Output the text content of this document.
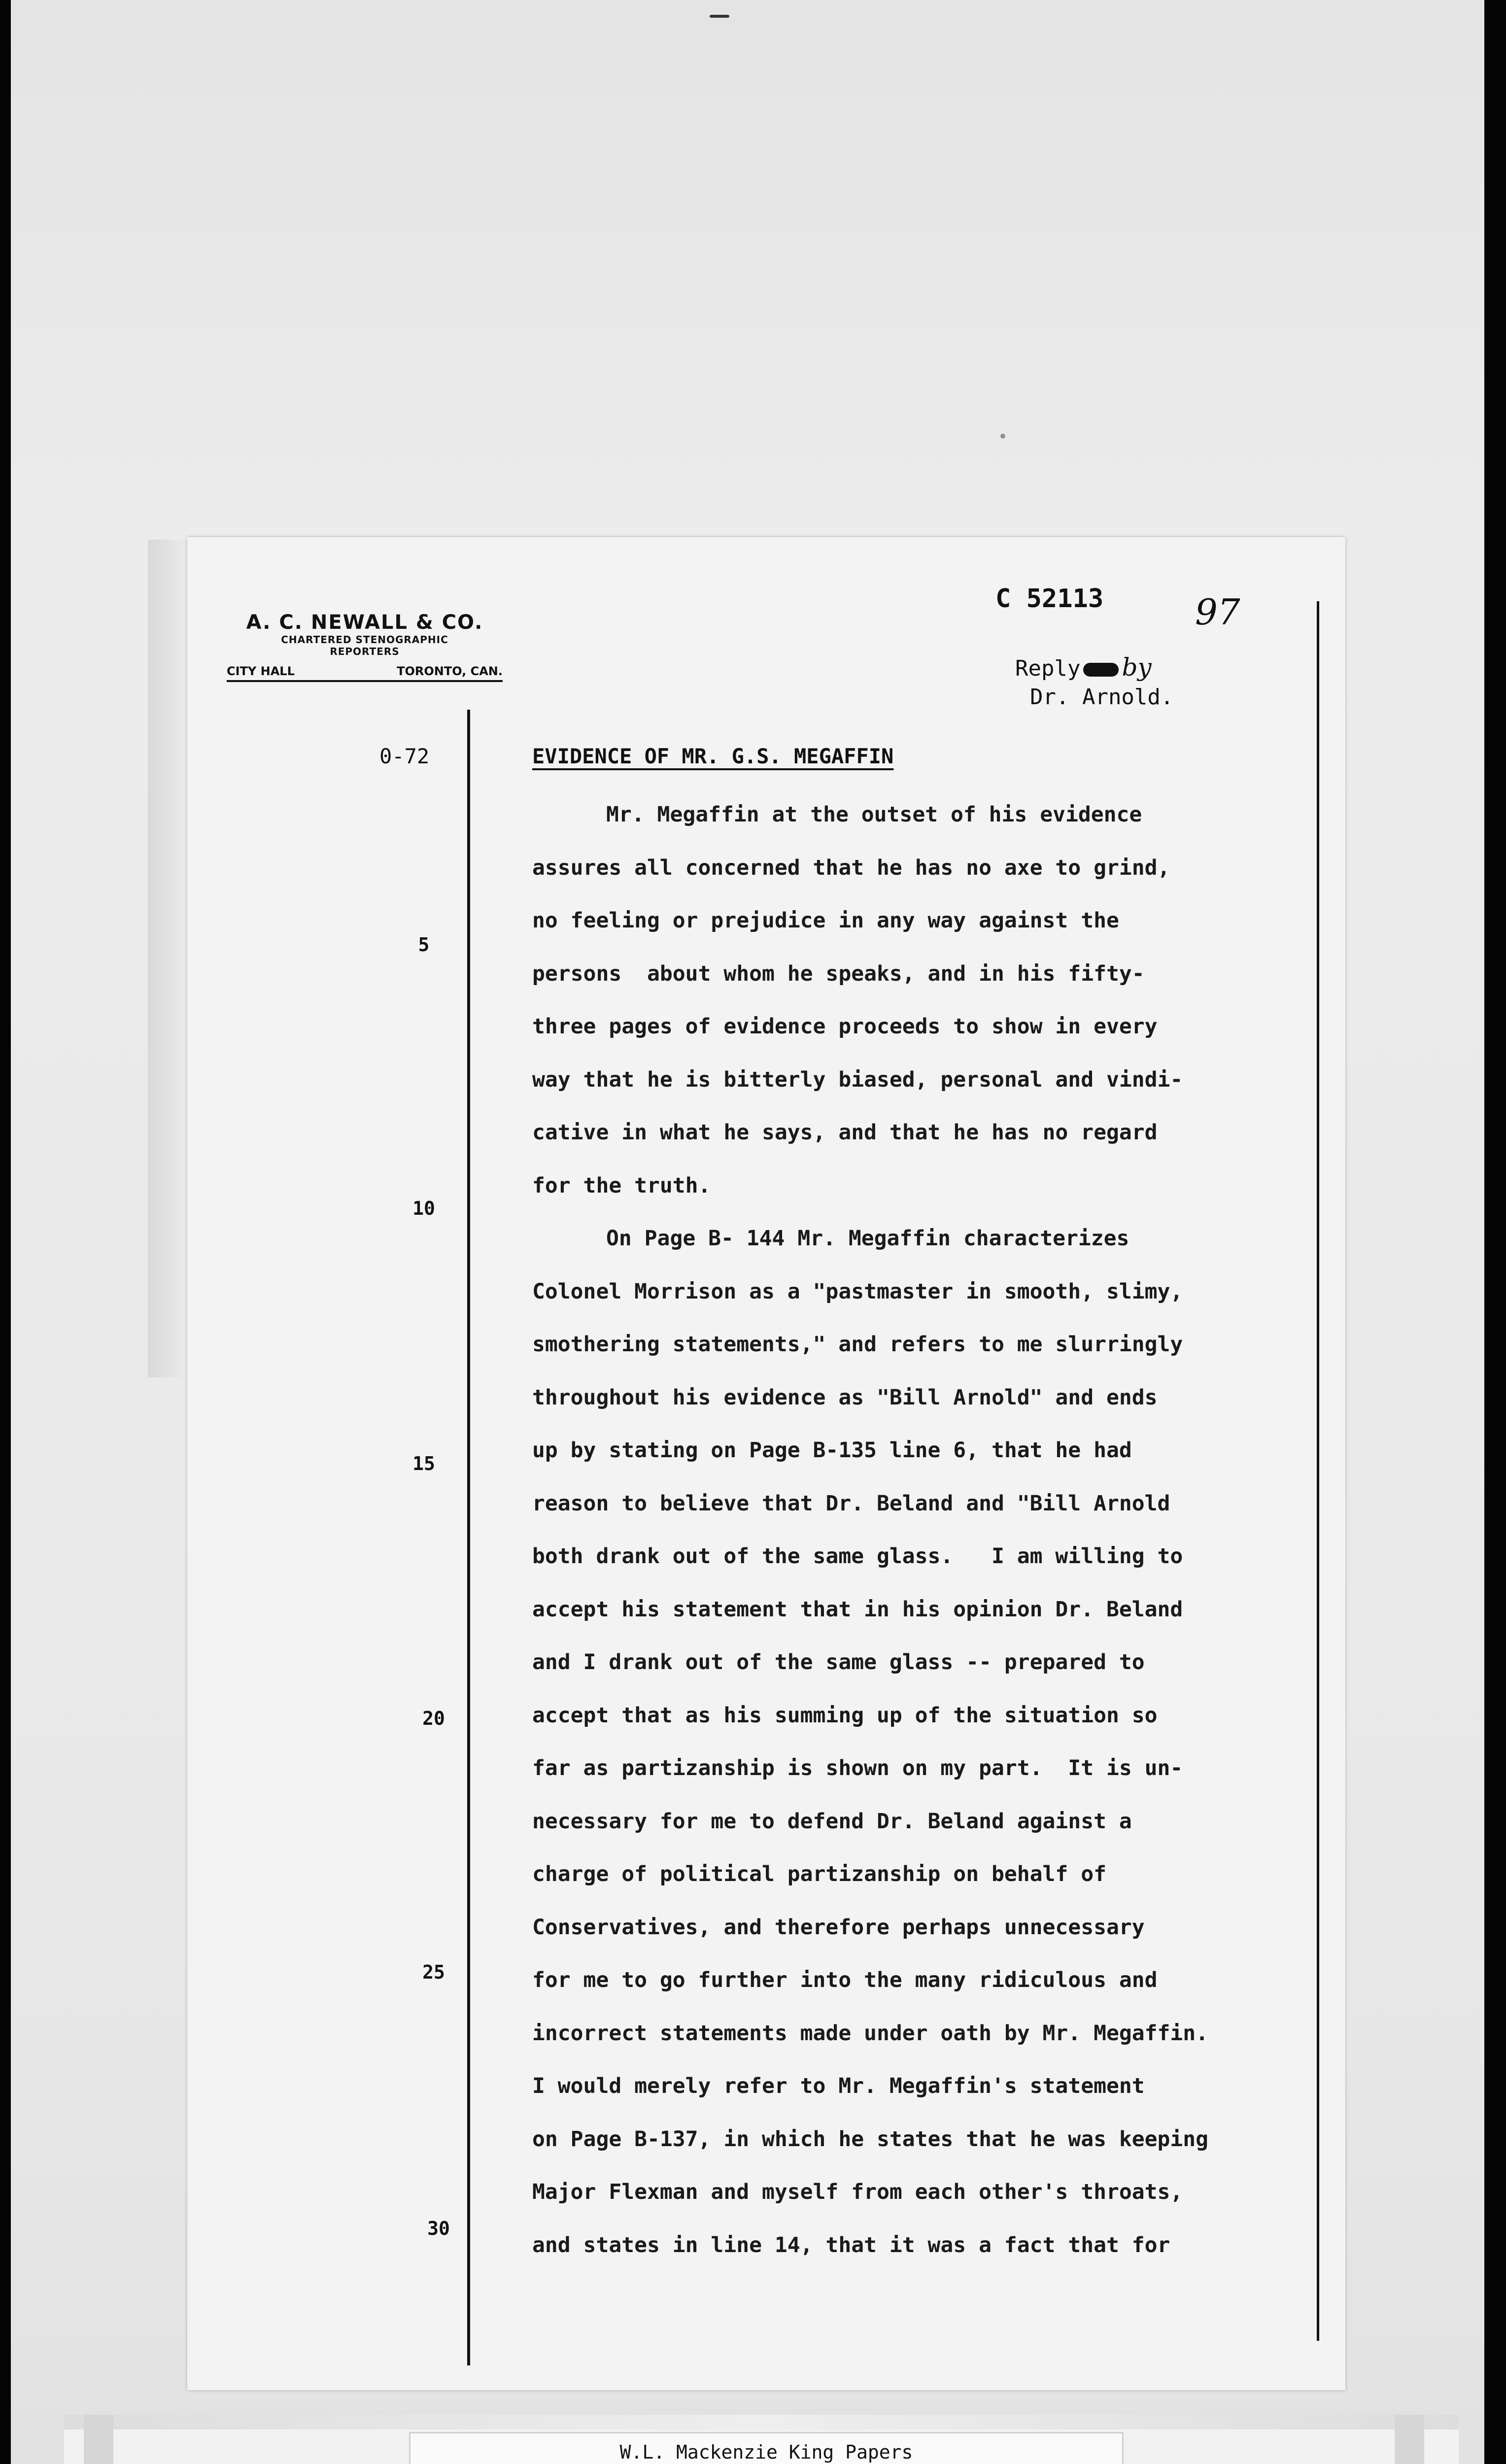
A. C. NEWALL & CO.
CHARTERED STENOGRAPHIC
REPORTERS
CITY HALL	TORONTO, CAN.
C 52113	97
Reply by
Dr. Arnold.
0-72
5
10
15
20
25
30
EVIDENCE OF MR. G.S. MEGAFFIN
Mr. Megaffin at the outset of his evidence
assures all concerned that he has no axe to grind,
no feeling or prejudice in any way against the
persons  about whom he speaks, and in his fifty-
three pages of evidence proceeds to show in every
way that he is bitterly biased, personal and vindi-
cative in what he says, and that he has no regard
for the truth.
On Page B- 144 Mr. Megaffin characterizes
Colonel Morrison as a "pastmaster in smooth, slimy,
smothering statements," and refers to me slurringly
throughout his evidence as "Bill Arnold" and ends
up by stating on Page B-135 line 6, that he had
reason to believe that Dr. Beland and "Bill Arnold
both drank out of the same glass.   I am willing to
accept his statement that in his opinion Dr. Beland
and I drank out of the same glass -- prepared to
accept that as his summing up of the situation so
far as partizanship is shown on my part.  It is un-
necessary for me to defend Dr. Beland against a
charge of political partizanship on behalf of
Conservatives, and therefore perhaps unnecessary
for me to go further into the many ridiculous and
incorrect statements made under oath by Mr. Megaffin.
I would merely refer to Mr. Megaffin's statement
on Page B-137, in which he states that he was keeping
Major Flexman and myself from each other's throats,
and states in line 14, that it was a fact that for
W.L. Mackenzie King Papers
